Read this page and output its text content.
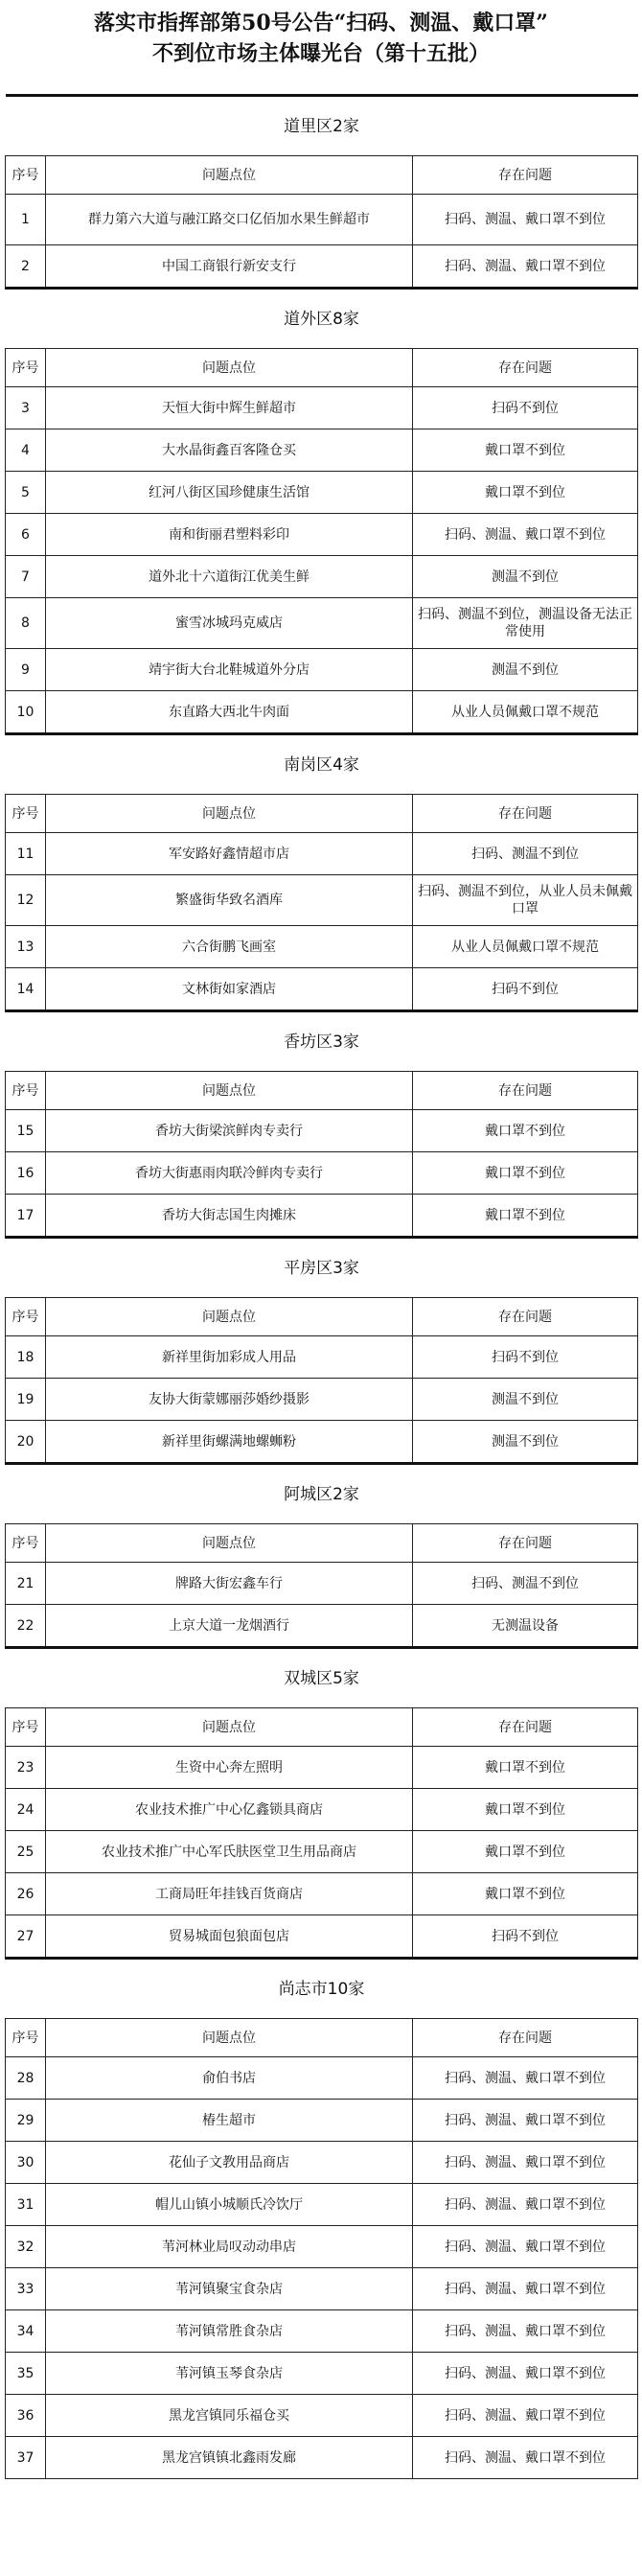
落实市指挥部第50号公告“扫码、测温、戴口罩”
不到位市场主体曝光台（第十五批）
道里区2家		
序号	问题点位	存在问题
1	群力第六大道与融江路交口亿佰加水果生鲜超市	扫码、测温、戴口罩不到位
2	中国工商银行新安支行	扫码、测温、戴口罩不到位
道外区8家		
序号	问题点位	存在问题
3	天恒大街中辉生鲜超市	扫码不到位
4	大水晶街鑫百客隆仓买	戴口罩不到位
5	红河八街区国珍健康生活馆	戴口罩不到位
6	南和街丽君塑料彩印	扫码、测温、戴口罩不到位
7	道外北十六道街江优美生鲜	测温不到位
8	蜜雪冰城玛克威店	扫码、测温不到位，测温设备无法正常使用
9	靖宇街大台北鞋城道外分店	测温不到位
10	东直路大西北牛肉面	从业人员佩戴口罩不规范
南岗区4家		
序号	问题点位	存在问题
11	军安路好鑫情超市店	扫码、测温不到位
12	繁盛街华致名酒库	扫码、测温不到位，从业人员未佩戴口罩
13	六合街鹏飞画室	从业人员佩戴口罩不规范
14	文林街如家酒店	扫码不到位
香坊区3家		
序号	问题点位	存在问题
15	香坊大街梁滨鲜肉专卖行	戴口罩不到位
16	香坊大街惠雨肉联冷鲜肉专卖行	戴口罩不到位
17	香坊大街志国生肉摊床	戴口罩不到位
平房区3家		
序号	问题点位	存在问题
18	新祥里街加彩成人用品	扫码不到位
19	友协大街蒙娜丽莎婚纱摄影	测温不到位
20	新祥里街螺满地螺蛳粉	测温不到位
阿城区2家		
序号	问题点位	存在问题
21	牌路大街宏鑫车行	扫码、测温不到位
22	上京大道一龙烟酒行	无测温设备
双城区5家		
序号	问题点位	存在问题
23	生资中心奔左照明	戴口罩不到位
24	农业技术推广中心亿鑫锁具商店	戴口罩不到位
25	农业技术推广中心军氏肤医堂卫生用品商店	戴口罩不到位
26	工商局旺年挂钱百货商店	戴口罩不到位
27	贸易城面包狼面包店	扫码不到位
尚志市10家		
序号	问题点位	存在问题
28	俞伯书店	扫码、测温、戴口罩不到位
29	椿生超市	扫码、测温、戴口罩不到位
30	花仙子文教用品商店	扫码、测温、戴口罩不到位
31	帽儿山镇小城顺氏冷饮厅	扫码、测温、戴口罩不到位
32	苇河林业局叹动动串店	扫码、测温、戴口罩不到位
33	苇河镇聚宝食杂店	扫码、测温、戴口罩不到位
34	苇河镇常胜食杂店	扫码、测温、戴口罩不到位
35	苇河镇玉琴食杂店	扫码、测温、戴口罩不到位
36	黑龙宫镇同乐福仓买	扫码、测温、戴口罩不到位
37	黑龙宫镇镇北鑫雨发廊	扫码、测温、戴口罩不到位
